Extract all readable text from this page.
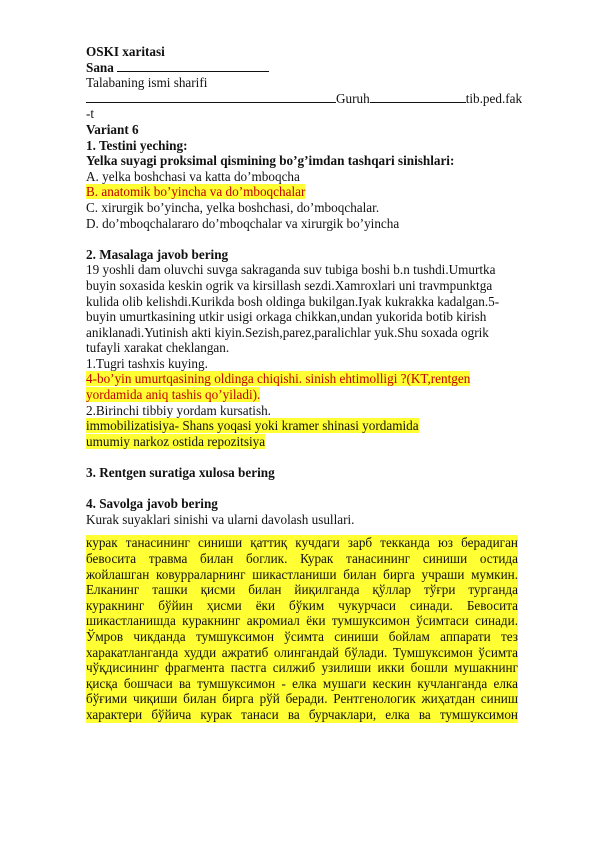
OSKI xaritasi
Sana
Talabaning ismi sharifi
Guruh	tib.ped.fak
-t
Variant 6
1. Testini yeching:
Yelka suyagi proksimal qismining bo’g’imdan tashqari sinishlari:
A. yelka boshchasi va katta do’mboqcha
B. anatomik bo’yincha va do’mboqchalar
C. xirurgik bo’yincha, yelka boshchasi, do’mboqchalar.
D. do’mboqchalararo do’mboqchalar va xirurgik bo’yincha
2. Masalaga javob bering
19 yoshli dam oluvchi suvga sakraganda suv tubiga boshi b.n tushdi.Umurtka
buyin soxasida keskin ogrik va kirsillash sezdi.Xamroxlari uni travmpunktga
kulida olib kelishdi.Kurikda bosh oldinga bukilgan.Iyak kukrakka kadalgan.5-
buyin umurtkasining utkir usigi orkaga chikkan,undan yukorida botib kirish
aniklanadi.Yutinish akti kiyin.Sezish,parez,paralichlar yuk.Shu soxada ogrik
tufayli xarakat cheklangan.
1.Tugri tashxis kuying.
4-bo’yin umurtqasining oldinga chiqishi. sinish ehtimolligi ?(KT,rentgen
yordamida aniq tashis qo’yiladi).
2.Birinchi tibbiy yordam kursatish.
immobilizatisiya- Shans yoqasi yoki kramer shinasi yordamida
umumiy narkoz ostida repozitsiya
3. Rentgen suratiga xulosa bering
4. Savolga javob bering
Kurak suyaklari sinishi va ularni davolash usullari.
курак танасининг синиши қаттиқ кучдаги зарб текканда юз берадиган
бевосита травма билан боглик. Курак танасининг синиши остида
жойлашган ковурраларнинг шикастланиши билан бирга учраши мумкин.
Елканинг ташки қисми билан йиқилганда қўллар тўғри турганда
куракнинг бўйин ҳисми ёки бўким чукурчаси синади. Бевосита
шикастланишда куракнинг акромиал ёки тумшуксимон ўсимтаси синади.
Ўмров чикданда тумшуксимон ўсимта синиши бойлам аппарати тез
харакатланганда худди ажратиб олингандай бўлади. Тумшуксимон ўсимта
чўқдисининг фрагмента пастга силжиб узилиши икки бошли мушакнинг
қисқа бошчаси ва тумшуксимон - елка мушаги кескин кучланганда елка
бўғими чиқиши билан бирга рўй беради. Рентгенологик жиҳатдан синиш
характери бўйича курак танаси ва бурчаклари, елка ва тумшуксимон
